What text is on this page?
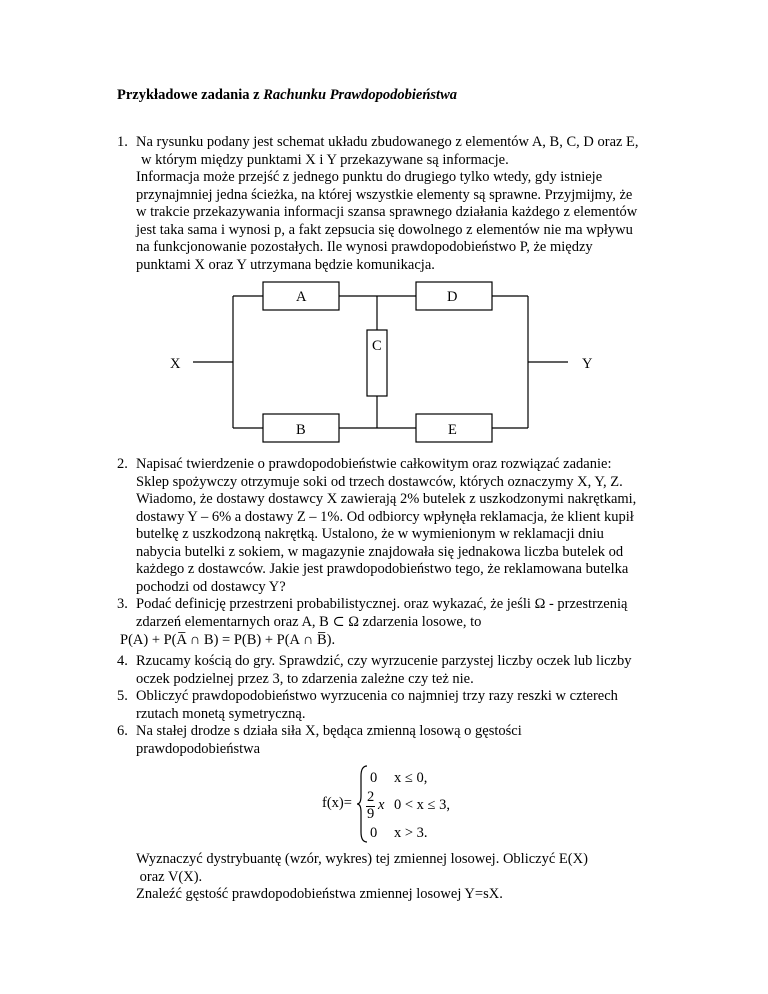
Przykładowe zadania z Rachunku Prawdopodobieństwa
1. Na rysunku podany jest schemat układu zbudowanego z elementów A, B, C, D oraz E,

w którym między punktami X i Y przekazywane są informacje.

Informacja może przejść z jednego punktu do drugiego tylko wtedy, gdy istnieje

przynajmniej jedna ścieżka, na której wszystkie elementy są sprawne. Przyjmijmy, że

w trakcie przekazywania informacji szansa sprawnego działania każdego z elementów

jest taka sama i wynosi p, a fakt zepsucia się dowolnego z elementów nie ma wpływu

na funkcjonowanie pozostałych. Ile wynosi prawdopodobieństwo P, że między

punktami X oraz Y utrzymana będzie komunikacja.

A	D
C
B	E
X	Y
2. Napisać twierdzenie o prawdopodobieństwie całkowitym oraz rozwiązać zadanie:

Sklep spożywczy otrzymuje soki od trzech dostawców, których oznaczymy X, Y, Z.

Wiadomo, że dostawy dostawcy X zawierają 2% butelek z uszkodzonymi nakrętkami,

dostawy Y – 6% a dostawy Z – 1%. Od odbiorcy wpłynęła reklamacja, że klient kupił

butelkę z uszkodzoną nakrętką. Ustalono, że w wymienionym w reklamacji dniu

nabycia butelki z sokiem, w magazynie znajdowała się jednakowa liczba butelek od

każdego z dostawców. Jakie jest prawdopodobieństwo tego, że reklamowana butelka

pochodzi od dostawcy Y?

3. Podać definicję przestrzeni probabilistycznej. oraz wykazać, że jeśli Ω - przestrzenią

zdarzeń elementarnych oraz A, B ⊂ Ω zdarzenia losowe, to

P(A) + P(A̅ ∩ B) = P(B) + P(A ∩ B̅).
4. Rzucamy kością do gry. Sprawdzić, czy wyrzucenie parzystej liczby oczek lub liczby

oczek podzielnej przez 3, to zdarzenia zależne czy też nie.

5. Obliczyć prawdopodobieństwo wyrzucenia co najmniej trzy razy reszki w czterech

rzutach monetą symetryczną.

6. Na stałej drodze s działa siła X, będąca zmienną losową o gęstości

prawdopodobieństwa

f(x)=
0 x ≤ 0,
2
9
x 0 < x ≤ 3,
0 x > 3.

Wyznaczyć dystrybuantę (wzór, wykres) tej zmiennej losowej. Obliczyć E(X)

oraz V(X).

Znaleźć gęstość prawdopodobieństwa zmiennej losowej Y=sX.
